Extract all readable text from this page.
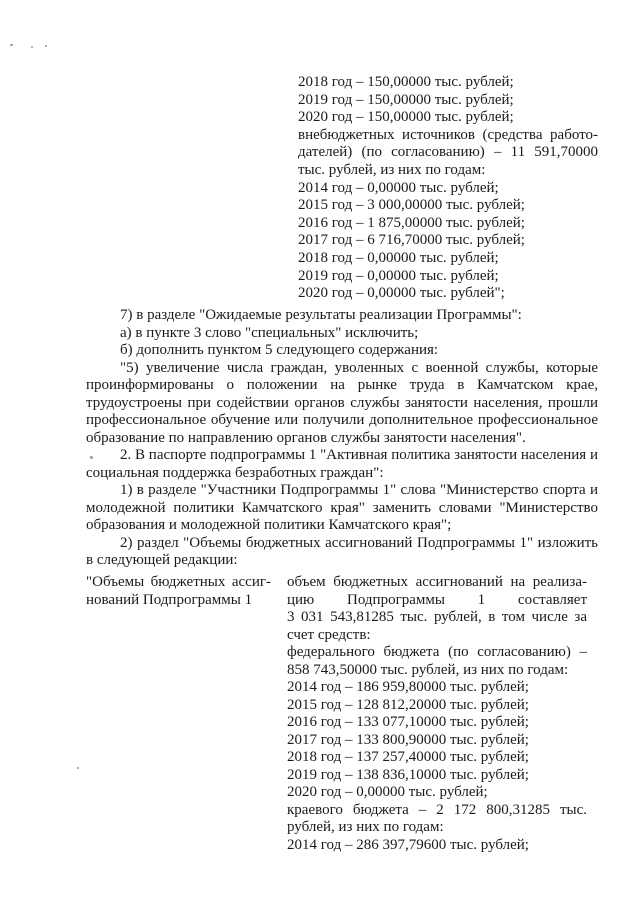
2018 год – 150,00000 тыс. рублей;
2019 год – 150,00000 тыс. рублей;
2020 год – 150,00000 тыс. рублей;
внебюджетных источников (средства работо-
дателей) (по согласованию) – 11 591,70000
тыс. рублей, из них по годам:
2014 год – 0,00000 тыс. рублей;
2015 год – 3 000,00000 тыс. рублей;
2016 год – 1 875,00000 тыс. рублей;
2017 год – 6 716,70000 тыс. рублей;
2018 год – 0,00000 тыс. рублей;
2019 год – 0,00000 тыс. рублей;
2020 год – 0,00000 тыс. рублей";

7) в разделе "Ожидаемые результаты реализации Программы":

а) в пункте 3 слово "специальных" исключить;

б) дополнить пунктом 5 следующего содержания:

"5) увеличение числа граждан, уволенных с военной службы, которые проинформированы о положении на рынке труда в Камчатском крае, трудоустроены при содействии органов службы занятости населения, прошли профессиональное обучение или получили дополнительное профессиональное образование по направлению органов службы занятости населения".

2. В паспорте подпрограммы 1 "Активная политика занятости населения и социальная поддержка безработных граждан":

1) в разделе "Участники Подпрограммы 1" слова "Министерство спорта и молодежной политики Камчатского края" заменить словами "Министерство образования и молодежной политики Камчатского края";

2) раздел "Объемы бюджетных ассигнований Подпрограммы 1" изложить в следующей редакции:

"Объемы бюджетных ассиг-
нований Подпрограммы 1
объем бюджетных ассигнований на реализа-
цию Подпрограммы 1 составляет
3 031 543,81285 тыс. рублей, в том числе за
счет средств:
федерального бюджета (по согласованию) –
858 743,50000 тыс. рублей, из них по годам:
2014 год – 186 959,80000 тыс. рублей;
2015 год – 128 812,20000 тыс. рублей;
2016 год – 133 077,10000 тыс. рублей;
2017 год – 133 800,90000 тыс. рублей;
2018 год – 137 257,40000 тыс. рублей;
2019 год – 138 836,10000 тыс. рублей;
2020 год – 0,00000 тыс. рублей;
краевого бюджета – 2 172 800,31285 тыс.
рублей, из них по годам:
2014 год – 286 397,79600 тыс. рублей;
